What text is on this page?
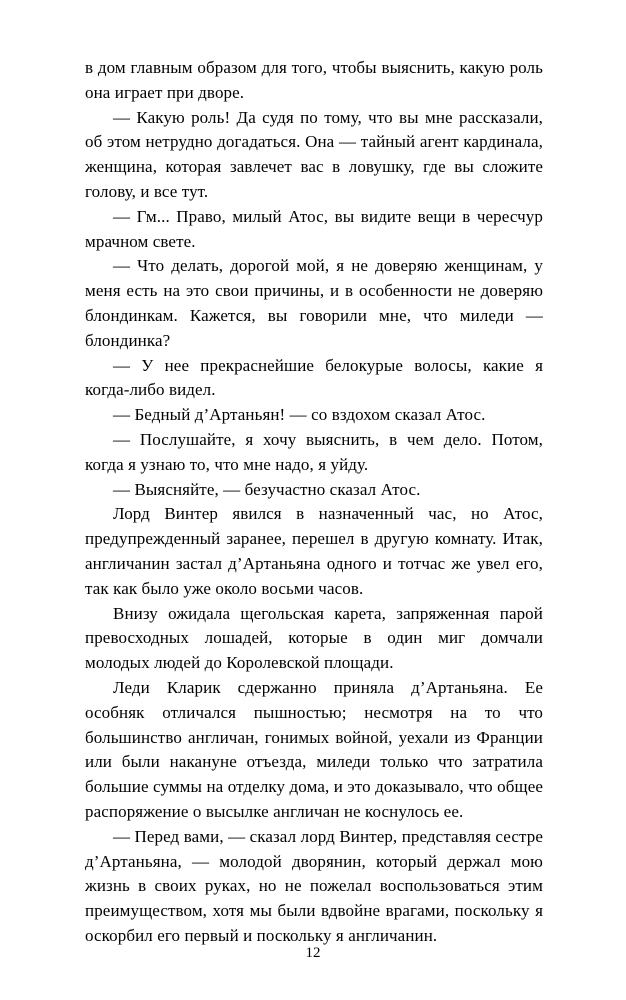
в дом главным образом для того, чтобы выяснить, какую роль она играет при дворе.

— Какую роль! Да судя по тому, что вы мне рассказали, об этом нетрудно догадаться. Она — тайный агент кардинала, женщина, которая завлечет вас в ловушку, где вы сложите голову, и все тут.

— Гм... Право, милый Атос, вы видите вещи в чересчур мрачном свете.

— Что делать, дорогой мой, я не доверяю женщинам, у меня есть на это свои причины, и в особенности не доверяю блондинкам. Кажется, вы говорили мне, что миледи — блондинка?

— У нее прекраснейшие белокурые волосы, какие я когда-либо видел.

— Бедный д’Артаньян! — со вздохом сказал Атос.

— Послушайте, я хочу выяснить, в чем дело. Потом, когда я узнаю то, что мне надо, я уйду.

— Выясняйте, — безучастно сказал Атос.

Лорд Винтер явился в назначенный час, но Атос, предупрежденный заранее, перешел в другую комнату. Итак, англичанин застал д’Артаньяна одного и тотчас же увел его, так как было уже около восьми часов.

Внизу ожидала щегольская карета, запряженная парой превосходных лошадей, которые в один миг домчали молодых людей до Королевской площади.

Леди Кларик сдержанно приняла д’Артаньяна. Ее особняк отличался пышностью; несмотря на то что большинство англичан, гонимых войной, уехали из Франции или были накануне отъезда, миледи только что затратила большие суммы на отделку дома, и это доказывало, что общее распоряжение о высылке англичан не коснулось ее.

— Перед вами, — сказал лорд Винтер, представляя сестре д’Артаньяна, — молодой дворянин, который держал мою жизнь в своих руках, но не пожелал воспользоваться этим преимуществом, хотя мы были вдвойне врагами, поскольку я оскорбил его первый и поскольку я англичанин.

12
